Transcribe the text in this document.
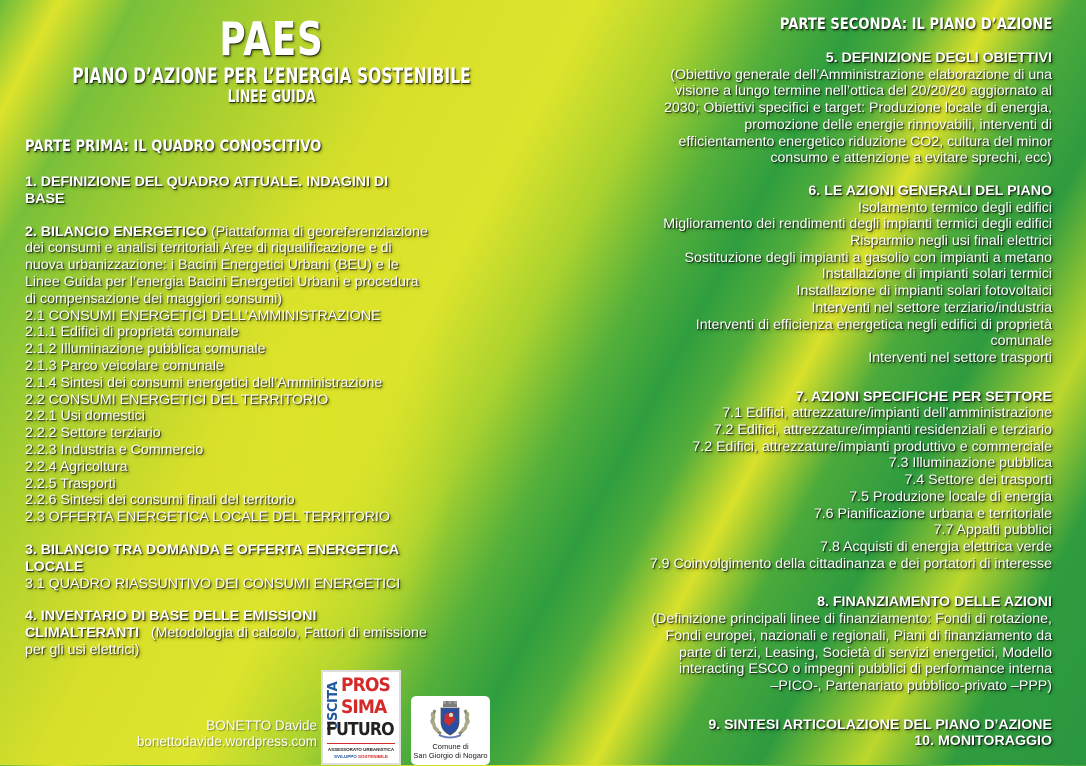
PAES
PIANO D’AZIONE PER L’ENERGIA SOSTENIBILE
LINEE GUIDA
PARTE PRIMA: IL QUADRO CONOSCITIVO
1. DEFINIZIONE DEL QUADRO ATTUALE. INDAGINI DI
BASE
2. BILANCIO ENERGETICO (Piattaforma di georeferenziazione
dei consumi e analisi territoriali Aree di riqualificazione e di
nuova urbanizzazione: i Bacini Energetici Urbani (BEU) e le
Linee Guida per l’energia Bacini Energetici Urbani e procedura
di compensazione dei maggiori consumi)
2.1 CONSUMI ENERGETICI DELL’AMMINISTRAZIONE
2.1.1 Edifici di proprietà comunale
2.1.2 Illuminazione pubblica comunale
2.1.3 Parco veicolare comunale
2.1.4 Sintesi dei consumi energetici dell’Amministrazione
2.2 CONSUMI ENERGETICI DEL TERRITORIO
2.2.1 Usi domestici
2.2.2 Settore terziario
2.2.3 Industria e Commercio
2.2.4 Agricoltura
2.2.5 Trasporti
2.2.6 Sintesi dei consumi finali del territorio
2.3 OFFERTA ENERGETICA LOCALE DEL TERRITORIO
3. BILANCIO TRA DOMANDA E OFFERTA ENERGETICA
LOCALE
3.1 QUADRO RIASSUNTIVO DEI CONSUMI ENERGETICI
4. INVENTARIO DI BASE DELLE EMISSIONI
CLIMALTERANTI   (Metodologia di calcolo, Fattori di emissione
per gli usi elettrici)
PARTE SECONDA: IL PIANO D’AZIONE
5. DEFINIZIONE DEGLI OBIETTIVI
(Obiettivo generale dell’Amministrazione elaborazione di una
visione a lungo termine nell’ottica del 20/20/20 aggiornato al
2030; Obiettivi specifici e target: Produzione locale di energia,
promozione delle energie rinnovabili, interventi di
efficientamento energetico riduzione CO2, cultura del minor
consumo e attenzione a evitare sprechi, ecc)
6. LE AZIONI GENERALI DEL PIANO
Isolamento termico degli edifici
Miglioramento dei rendimenti degli impianti termici degli edifici
Risparmio negli usi finali elettrici
Sostituzione degli impianti a gasolio con impianti a metano
Installazione di impianti solari termici
Installazione di impianti solari fotovoltaici
Interventi nel settore terziario/industria
Interventi di efficienza energetica negli edifici di proprietà
comunale
Interventi nel settore trasporti
7. AZIONI SPECIFICHE PER SETTORE
7.1 Edifici, attrezzature/impianti dell’amministrazione
7.2 Edifici, attrezzature/impianti residenziali e terziario
7.2 Edifici, attrezzature/impianti produttivo e commerciale
7.3 Illuminazione pubblica
7.4 Settore dei trasporti
7.5 Produzione locale di energia
7.6 Pianificazione urbana e territoriale
7.7 Appalti pubblici
7.8 Acquisti di energia elettrica verde
7.9 Coinvolgimento della cittadinanza e dei portatori di interesse
8. FINANZIAMENTO DELLE AZIONI
(Definizione principali linee di finanziamento: Fondi di rotazione,
Fondi europei, nazionali e regionali, Piani di finanziamento da
parte di terzi, Leasing, Società di servizi energetici, Modello
interacting ESCO o impegni pubblici di performance interna
–PICO-, Partenariato pubblico-privato –PPP)
9. SINTESI ARTICOLAZIONE DEL PIANO D’AZIONE
10. MONITORAGGIO
BONETTO Davide
bonettodavide.wordpress.com
USCITA PROS
SIMA
FUTURO
ASSESSORATO URBANISTICA
SVILUPPO SOSTENIBILE
Comune di
San Giorgio di Nogaro
